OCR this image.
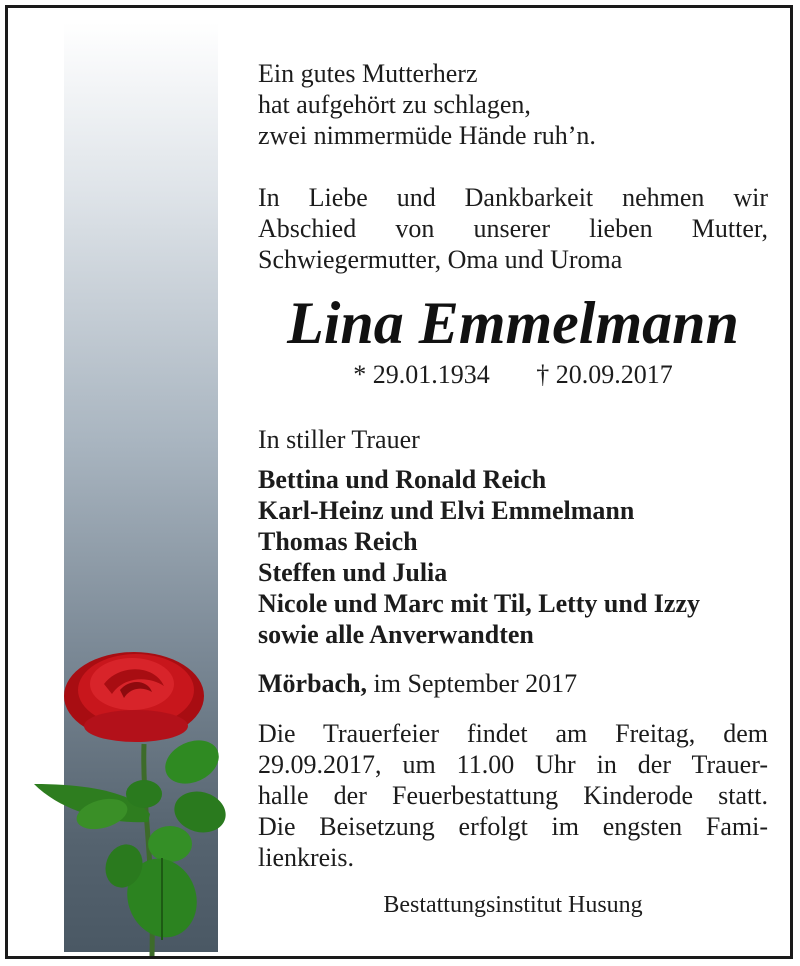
Ein gutes Mutterherz
hat aufgehört zu schlagen,
zwei nimmermüde Hände ruh’n.
In Liebe und Dankbarkeit nehmen wir
Abschied von unserer lieben Mutter,
Schwiegermutter, Oma und Uroma
Lina Emmelmann
* 29.01.1934 † 20.09.2017
In stiller Trauer
Bettina und Ronald Reich
Karl-Heinz und Elvi Emmelmann
Thomas Reich
Steffen und Julia
Nicole und Marc mit Til, Letty und Izzy
sowie alle Anverwandten
Mörbach, im September 2017
Die Trauerfeier findet am Freitag, dem
29.09.2017, um 11.00 Uhr in der Trauer-
halle der Feuerbestattung Kinderode statt.
Die Beisetzung erfolgt im engsten Fami-
lienkreis.
Bestattungsinstitut Husung
